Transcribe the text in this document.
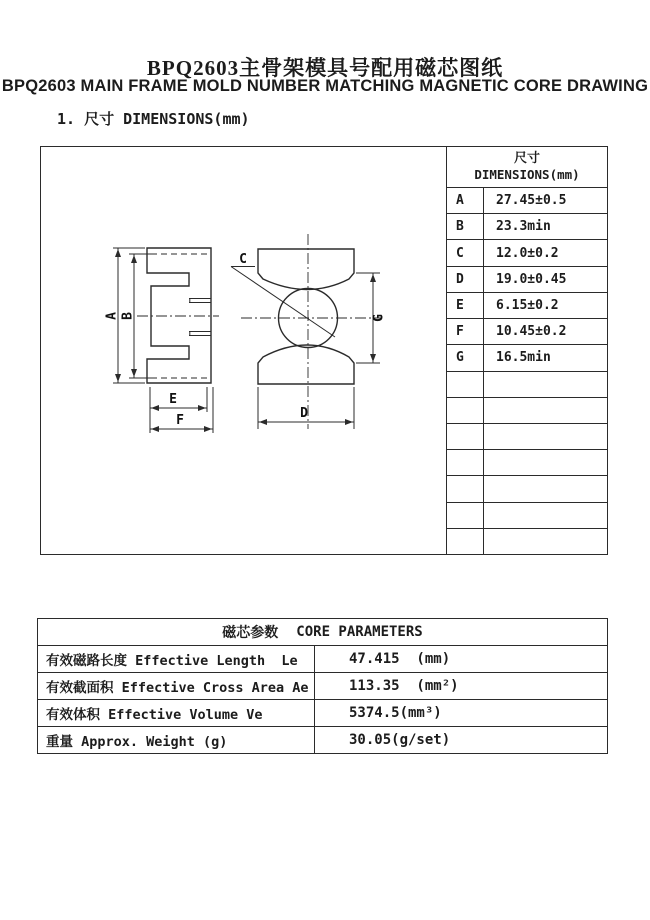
BPQ2603主骨架模具号配用磁芯图纸
BPQ2603 MAIN FRAME MOLD NUMBER MATCHING MAGNETIC CORE DRAWING
1. 尺寸 DIMENSIONS(mm)
A B
E
F
C
D
G
尺寸
DIMENSIONS(mm)
A	27.45±0.5
B	23.3min
C	12.0±0.2
D	19.0±0.45
E	6.15±0.2
F	10.45±0.2
G	16.5min
磁芯参数 CORE PARAMETERS
有效磁路长度 Effective Length  Le	47.415  (mm)
有效截面积 Effective Cross Area Ae	113.35  (mm²)
有效体积 Effective Volume Ve	5374.5(mm³)
重量 Approx. Weight (g)	30.05(g/set)
